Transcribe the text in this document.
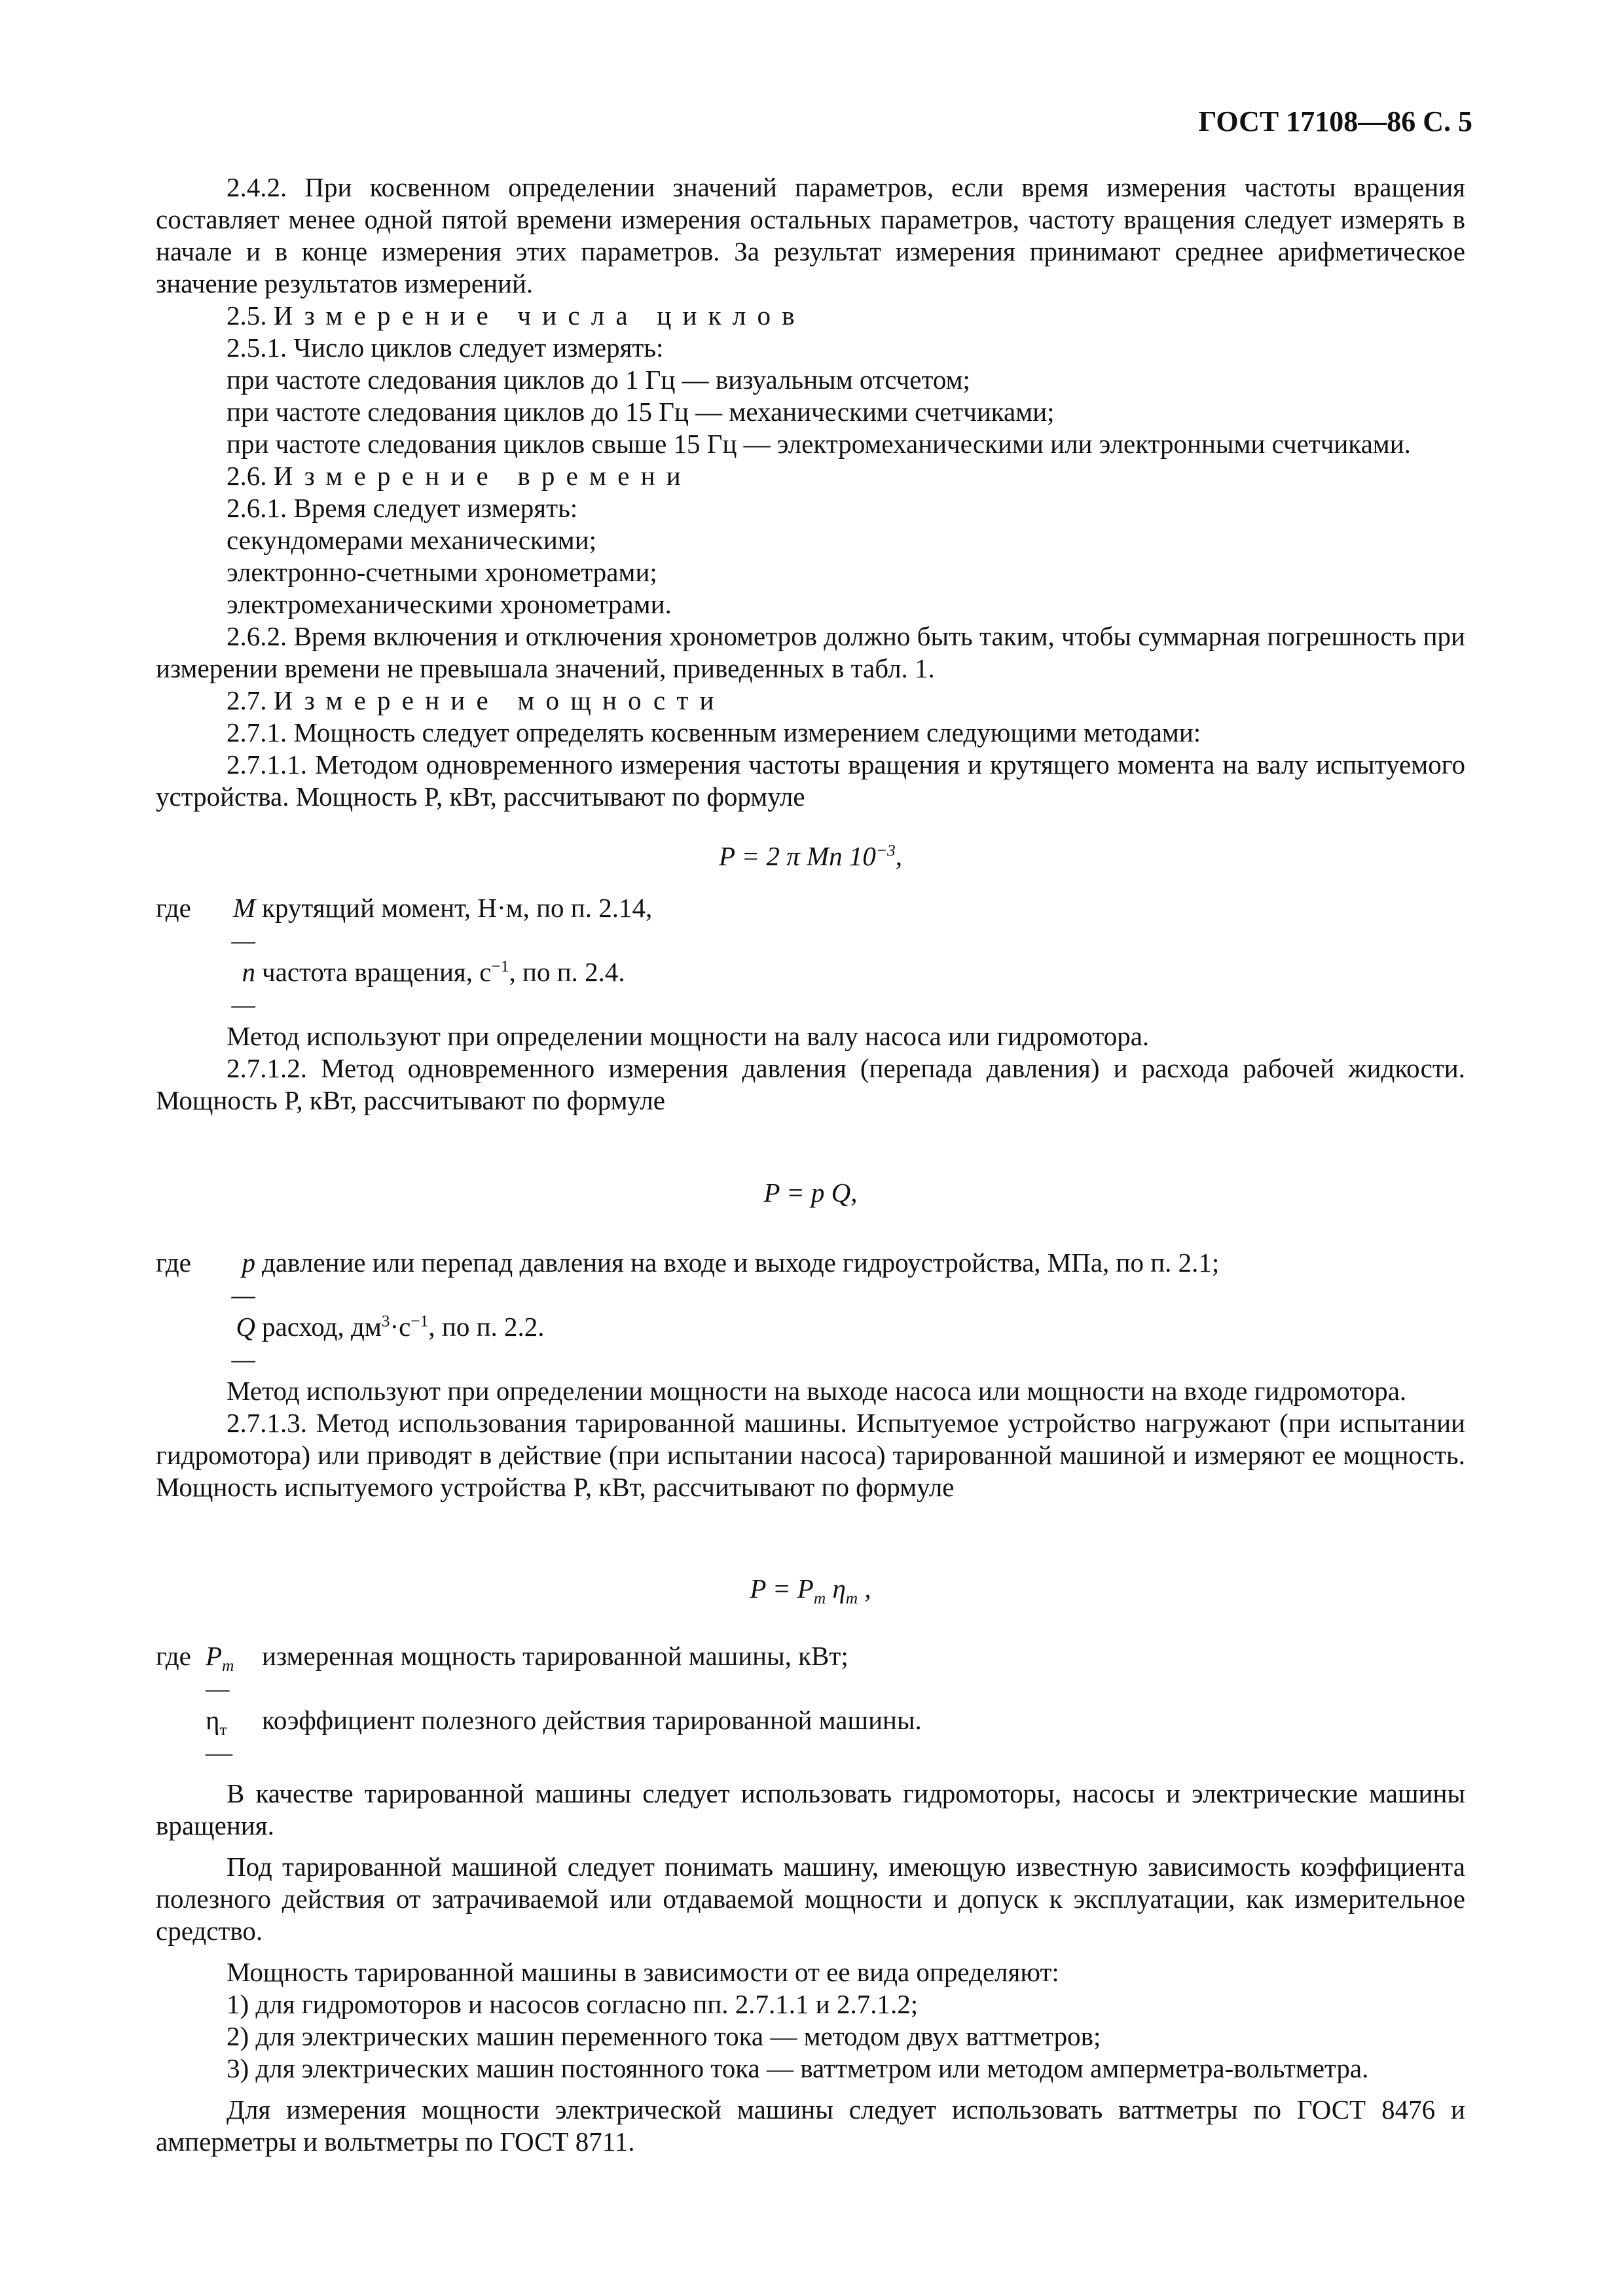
ГОСТ 17108—86 С. 5

2.4.2. При косвенном определении значений параметров, если время измерения частоты вращения составляет менее одной пятой времени измерения остальных параметров, частоту вращения следует измерять в начале и в конце измерения этих параметров. За результат измерения принимают среднее арифметическое значение результатов измерений.

2.5. Измерение числа циклов

2.5.1. Число циклов следует измерять:

при частоте следования циклов до 1 Гц — визуальным отсчетом;

при частоте следования циклов до 15 Гц — механическими счетчиками;

при частоте следования циклов свыше 15 Гц — электромеханическими или электронными счетчиками.

2.6. Измерение времени

2.6.1. Время следует измерять:

секундомерами механическими;

электронно-счетными хронометрами;

электромеханическими хронометрами.

2.6.2. Время включения и отключения хронометров должно быть таким, чтобы суммарная погрешность при измерении времени не превышала значений, приведенных в табл. 1.

2.7. Измерение мощности

2.7.1. Мощность следует определять косвенным измерением следующими методами:

2.7.1.1. Методом одновременного измерения частоты вращения и крутящего момента на валу испытуемого устройства. Мощность P, кВт, рассчитывают по формуле

P = 2 π Mn $10^{-3}$,
где	M —
крутящий момент, Н·м, по п. 2.14,
n —
частота вращения, $с^{-1}$, по п. 2.4.

Метод используют при определении мощности на валу насоса или гидромотора.

2.7.1.2. Метод одновременного измерения давления (перепада давления) и расхода рабочей жидкости. Мощность P, кВт, рассчитывают по формуле

P = p Q,
где	p —
давление или перепад давления на входе и выходе гидроустройства, МПа, по п. 2.1;
Q —
расход, $дм^3\cdot с^{-1}$, по п. 2.2.

Метод используют при определении мощности на выходе насоса или мощности на входе гидромотора.

2.7.1.3. Метод использования тарированной машины. Испытуемое устройство нагружают (при испытании гидромотора) или приводят в действие (при испытании насоса) тарированной машиной и измеряют ее мощность. Мощность испытуемого устройства P, кВт, рассчитывают по формуле

$P = P_т$ $\eta_т$ ,
где $P_т$ —
измеренная мощность тарированной машины, кВт;
$\eta_т$ —
коэффициент полезного действия тарированной машины.

В качестве тарированной машины следует использовать гидромоторы, насосы и электрические машины вращения.

Под тарированной машиной следует понимать машину, имеющую известную зависимость коэффициента полезного действия от затрачиваемой или отдаваемой мощности и допуск к эксплуатации, как измерительное средство.

Мощность тарированной машины в зависимости от ее вида определяют:

1) для гидромоторов и насосов согласно пп. 2.7.1.1 и 2.7.1.2;

2) для электрических машин переменного тока — методом двух ваттметров;

3) для электрических машин постоянного тока — ваттметром или методом амперметра-вольтметра.

Для измерения мощности электрической машины следует использовать ваттметры по ГОСТ 8476 и амперметры и вольтметры по ГОСТ 8711.
